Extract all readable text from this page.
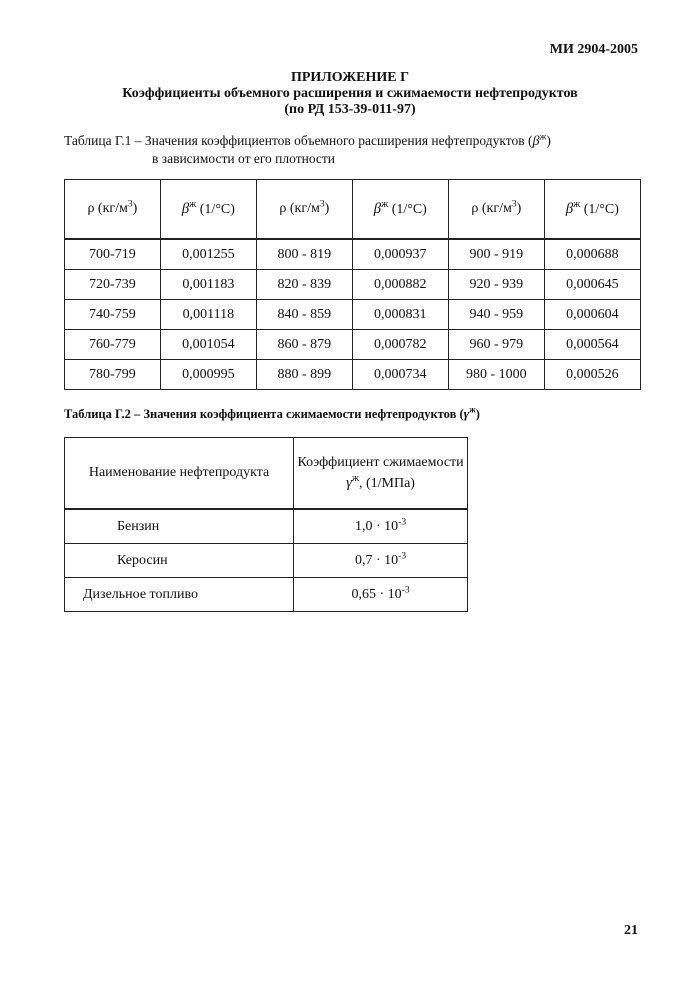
МИ 2904-2005
ПРИЛОЖЕНИЕ Г
Коэффициенты объемного расширения и сжимаемости нефтепродуктов
(по РД 153-39-011-97)
Таблица Г.1 – Значения коэффициентов объемного расширения нефтепродуктов $(\beta^ж)$
в зависимости от его плотности
ρ $(кг/м^3)$	$\beta^ж$ (1/°C)	ρ $(кг/м^3)$	$\beta^ж$ (1/°C)	ρ $(кг/м^3)$	$\beta^ж$ (1/°C)
700-719	0,001255	800 - 819	0,000937	900 - 919	0,000688
720-739	0,001183	820 - 839	0,000882	920 - 939	0,000645
740-759	0,001118	840 - 859	0,000831	940 - 959	0,000604
760-779	0,001054	860 - 879	0,000782	960 - 979	0,000564
780-799	0,000995	880 - 899	0,000734	980 - 1000	0,000526
Таблица Г.2 – Значения коэффициента сжимаемости нефтепродуктов $(\gamma^ж)$
Наименование нефтепродукта	Коэффициент сжимаемости
$\gamma^ж$, (1/МПа)
Бензин	$1,0 \cdot 10^{-3}$
Керосин	$0,7 \cdot 10^{-3}$
Дизельное топливо	$0,65 \cdot 10^{-3}$
21
